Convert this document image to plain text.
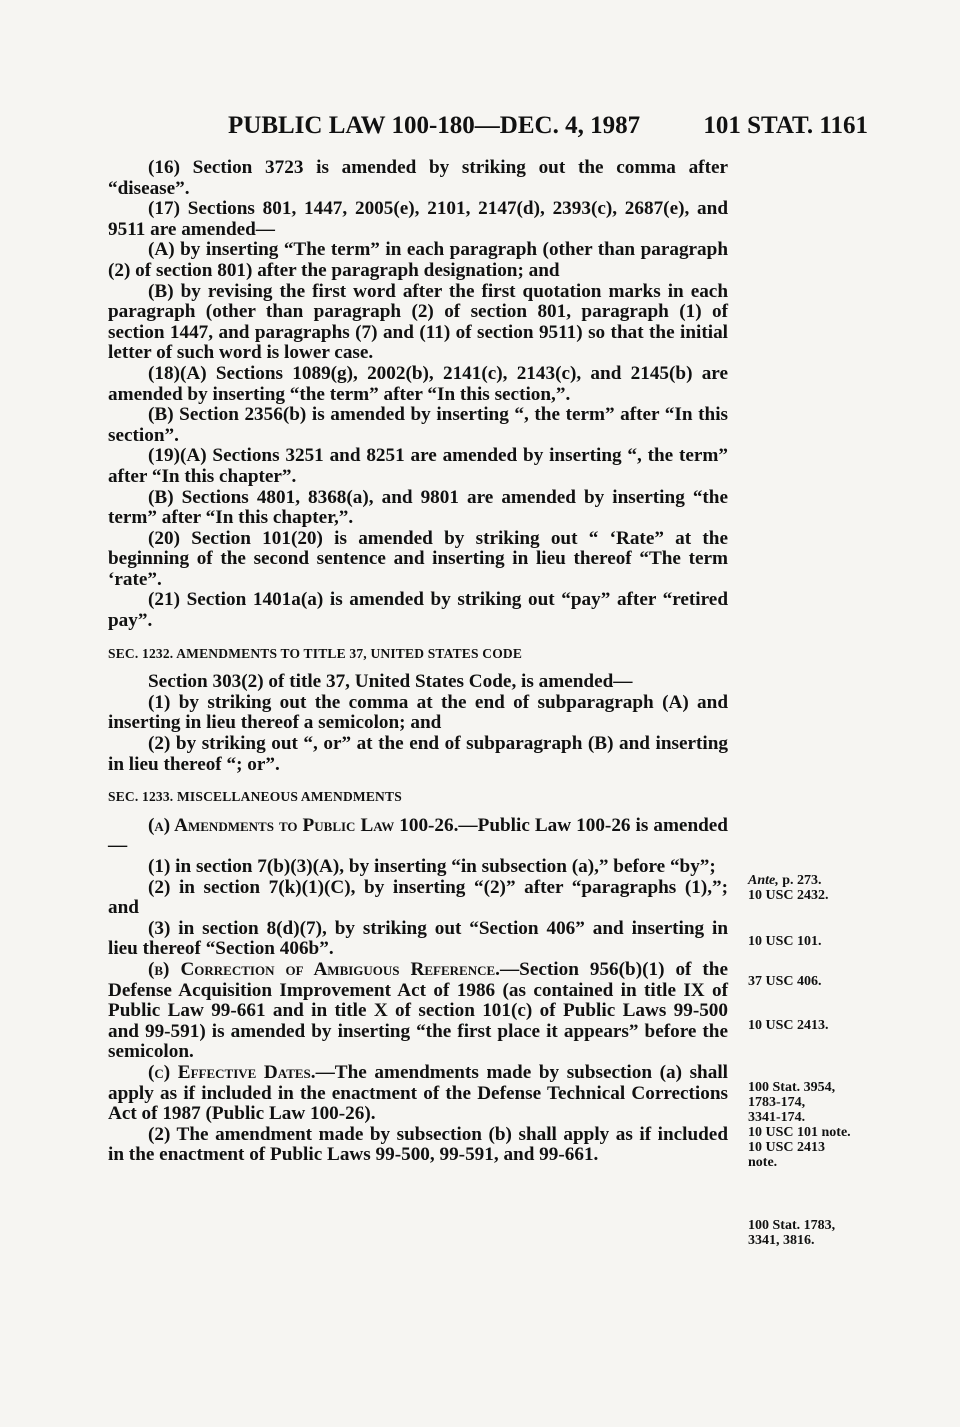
PUBLIC LAW 100-180—DEC. 4, 1987	101 STAT. 1161

(16) Section 3723 is amended by striking out the comma after “disease”.

(17) Sections 801, 1447, 2005(e), 2101, 2147(d), 2393(c), 2687(e), and 9511 are amended—

(A) by inserting “The term” in each paragraph (other than paragraph (2) of section 801) after the paragraph designation; and

(B) by revising the first word after the first quotation marks in each paragraph (other than paragraph (2) of section 801, paragraph (1) of section 1447, and paragraphs (7) and (11) of section 9511) so that the initial letter of such word is lower case.

(18)(A) Sections 1089(g), 2002(b), 2141(c), 2143(c), and 2145(b) are amended by inserting “the term” after “In this section,”.

(B) Section 2356(b) is amended by inserting “, the term” after “In this section”.

(19)(A) Sections 3251 and 8251 are amended by inserting “, the term” after “In this chapter”.

(B) Sections 4801, 8368(a), and 9801 are amended by inserting “the term” after “In this chapter,”.

(20) Section 101(20) is amended by striking out “ ‘Rate” at the beginning of the second sentence and inserting in lieu thereof “The term ‘rate”.

(21) Section 1401a(a) is amended by striking out “pay” after “retired pay”.

SEC. 1232. AMENDMENTS TO TITLE 37, UNITED STATES CODE

Section 303(2) of title 37, United States Code, is amended—

(1) by striking out the comma at the end of subparagraph (A) and inserting in lieu thereof a semicolon; and

(2) by striking out “, or” at the end of subparagraph (B) and inserting in lieu thereof “; or”.

SEC. 1233. MISCELLANEOUS AMENDMENTS

(a) Amendments to Public Law 100-26.—Public Law 100-26 is amended—

(1) in section 7(b)(3)(A), by inserting “in subsection (a),” before “by”;

(2) in section 7(k)(1)(C), by inserting “(2)” after “paragraphs (1),”; and

(3) in section 8(d)(7), by striking out “Section 406” and inserting in lieu thereof “Section 406b”.

(b) Correction of Ambiguous Reference.—Section 956(b)(1) of the Defense Acquisition Improvement Act of 1986 (as contained in title IX of Public Law 99-661 and in title X of section 101(c) of Public Laws 99-500 and 99-591) is amended by inserting “the first place it appears” before the semicolon.

(c) Effective Dates.—The amendments made by subsection (a) shall apply as if included in the enactment of the Defense Technical Corrections Act of 1987 (Public Law 100-26).

(2) The amendment made by subsection (b) shall apply as if included in the enactment of Public Laws 99-500, 99-591, and 99-661.

Ante, p. 273.
10 USC 2432.
10 USC 101.
37 USC 406.
10 USC 2413.
100 Stat. 3954,
1783-174,
3341-174.
10 USC 101 note.
10 USC 2413
note.
100 Stat. 1783,
3341, 3816.
